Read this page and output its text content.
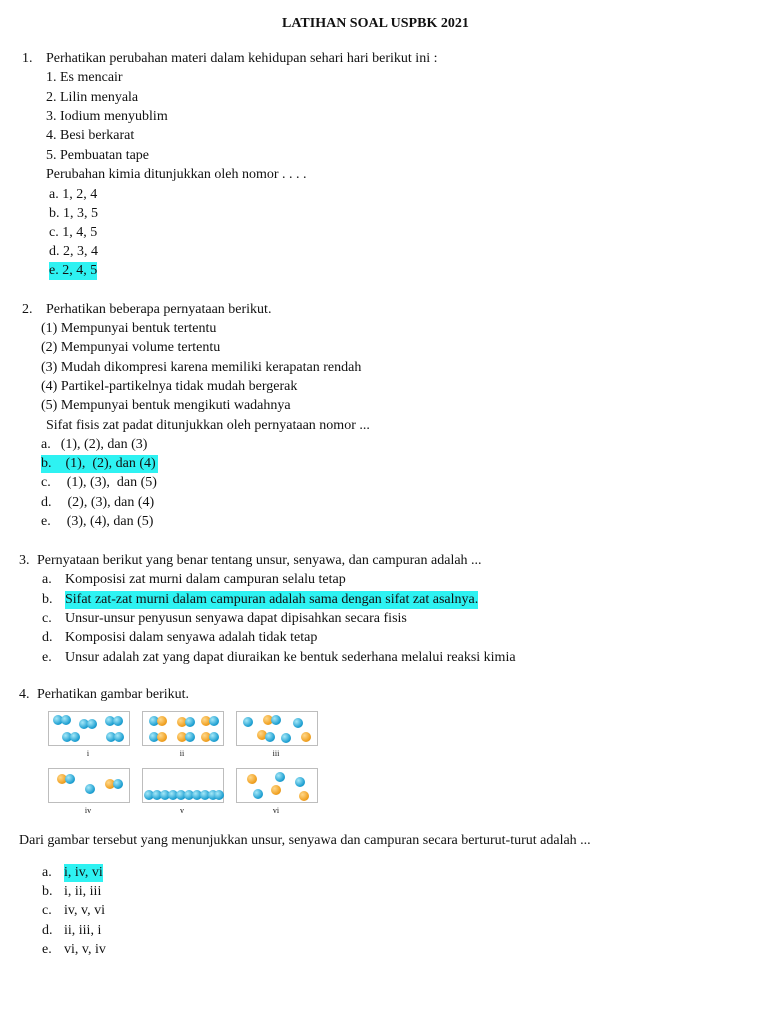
LATIHAN SOAL USPBK 2021
1. Perhatikan perubahan materi dalam kehidupan sehari hari berikut ini :
1. Es mencair
2. Lilin menyala
3. Iodium menyublim
4. Besi berkarat
5. Pembuatan tape
Perubahan kimia ditunjukkan oleh nomor . . . .
a. 1, 2, 4
b. 1, 3, 5
c. 1, 4, 5
d. 2, 3, 4
e. 2, 4, 5
2. Perhatikan beberapa pernyataan berikut.
(1) Mempunyai bentuk tertentu
(2) Mempunyai volume tertentu
(3) Mudah dikompresi karena memiliki kerapatan rendah
(4) Partikel-partikelnya tidak mudah bergerak
(5) Mempunyai bentuk mengikuti wadahnya
Sifat fisis zat padat ditunjukkan oleh pernyataan nomor ...
a. (1), (2), dan (3)
b. (1),  (2), dan (4)
c. (1), (3),  dan (5)
d. (2), (3), dan (4)
e. (3), (4), dan (5)
3. Pernyataan berikut yang benar tentang unsur, senyawa, dan campuran adalah ...
a. Komposisi zat murni dalam campuran selalu tetap
b. Sifat zat-zat murni dalam campuran adalah sama dengan sifat zat asalnya.
c. Unsur-unsur penyusun senyawa dapat dipisahkan secara fisis
d. Komposisi dalam senyawa adalah tidak tetap
e. Unsur adalah zat yang dapat diuraikan ke bentuk sederhana melalui reaksi kimia
4. Perhatikan gambar berikut.
i	ii	iii
iv	v	vi
Dari gambar tersebut yang menunjukkan unsur, senyawa dan campuran secara berturut-turut adalah ...
a. i, iv, vi
b. i, ii, iii
c. iv, v, vi
d. ii, iii, i
e. vi, v, iv
